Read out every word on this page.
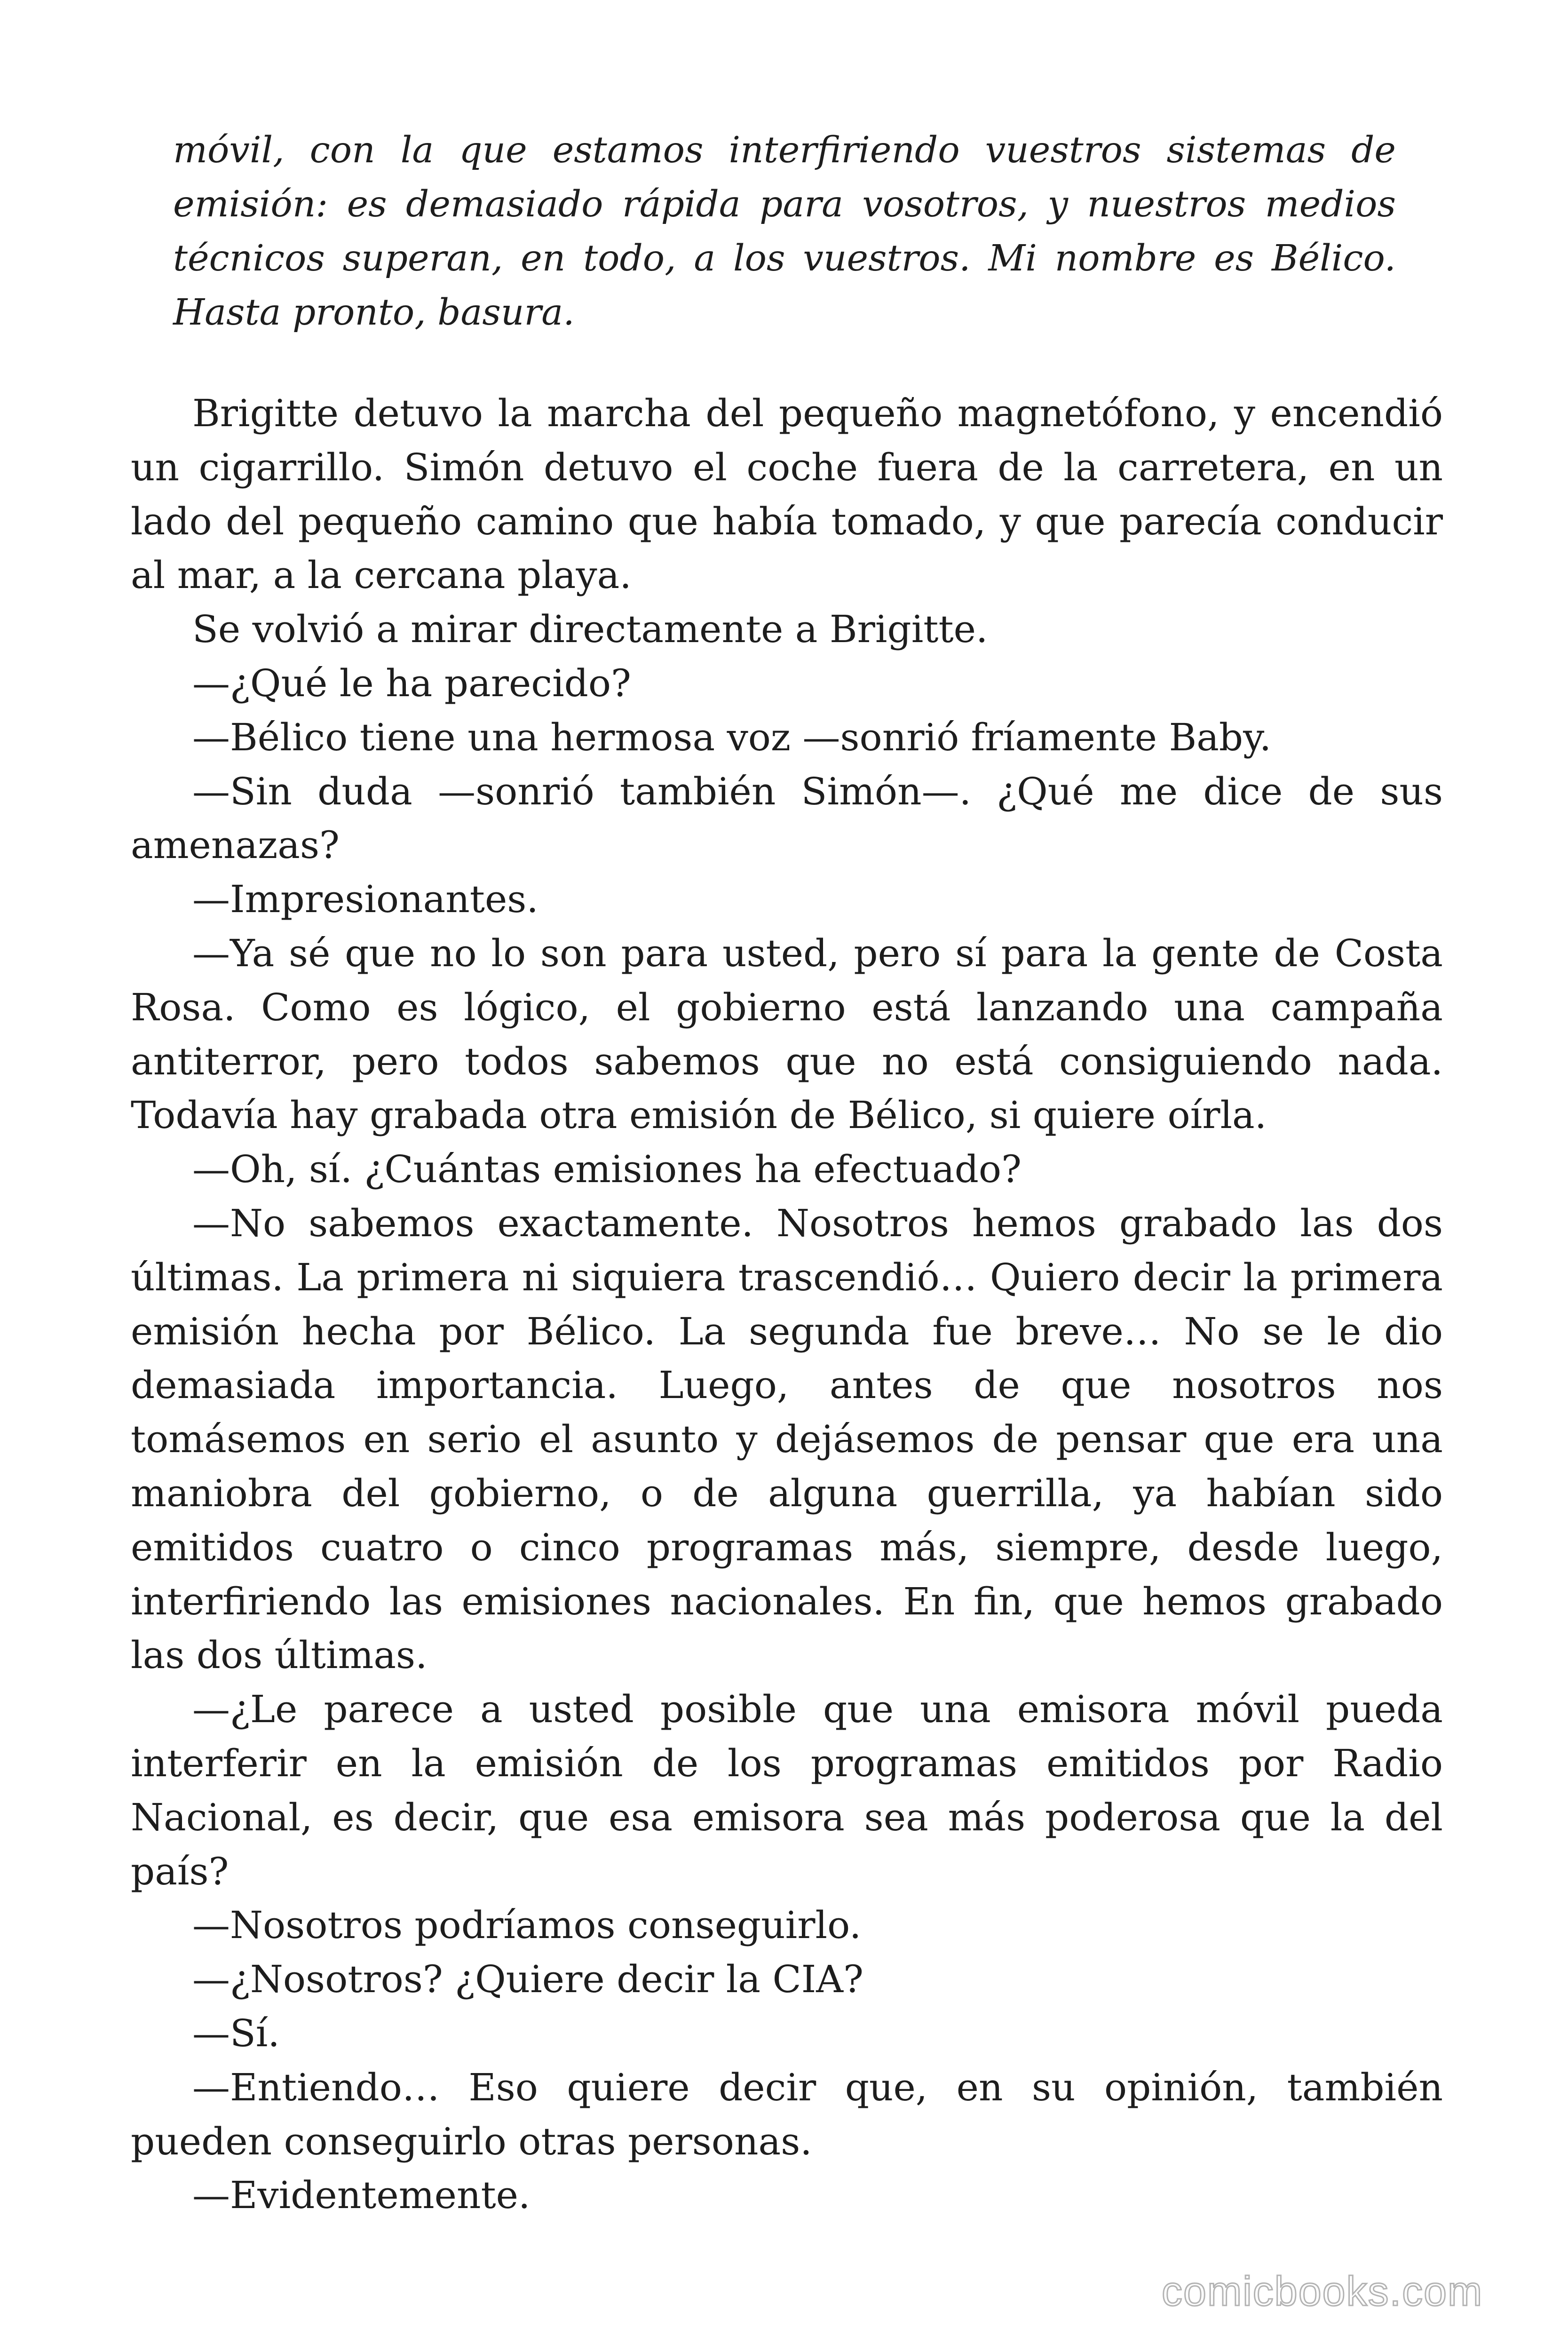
móvil, con la que estamos interfiriendo vuestros sistemas de emisión: es demasiado rápida para vosotros, y nuestros medios técnicos superan, en todo, a los vuestros. Mi nombre es Bélico. Hasta pronto, basura.

Brigitte detuvo la marcha del pequeño magnetófono, y encendió un cigarrillo. Simón detuvo el coche fuera de la carretera, en un lado del pequeño camino que había tomado, y que parecía conducir al mar, a la cercana playa.

Se volvió a mirar directamente a Brigitte.

—¿Qué le ha parecido?

—Bélico tiene una hermosa voz —sonrió fríamente Baby.

—Sin duda —sonrió también Simón—. ¿Qué me dice de sus amenazas?

—Impresionantes.

—Ya sé que no lo son para usted, pero sí para la gente de Costa Rosa. Como es lógico, el gobierno está lanzando una campaña antiterror, pero todos sabemos que no está consiguiendo nada. Todavía hay grabada otra emisión de Bélico, si quiere oírla.

—Oh, sí. ¿Cuántas emisiones ha efectuado?

—No sabemos exactamente. Nosotros hemos grabado las dos últimas. La primera ni siquiera trascendió… Quiero decir la primera emisión hecha por Bélico. La segunda fue breve… No se le dio demasiada importancia. Luego, antes de que nosotros nos tomásemos en serio el asunto y dejásemos de pensar que era una maniobra del gobierno, o de alguna guerrilla, ya habían sido emitidos cuatro o cinco programas más, siempre, desde luego, interfiriendo las emisiones nacionales. En fin, que hemos grabado las dos últimas.

—¿Le parece a usted posible que una emisora móvil pueda interferir en la emisión de los programas emitidos por Radio Nacional, es decir, que esa emisora sea más poderosa que la del país?

—Nosotros podríamos conseguirlo.

—¿Nosotros? ¿Quiere decir la CIA?

—Sí.

—Entiendo… Eso quiere decir que, en su opinión, también pueden conseguirlo otras personas.

—Evidentemente.

comicbooks.com
